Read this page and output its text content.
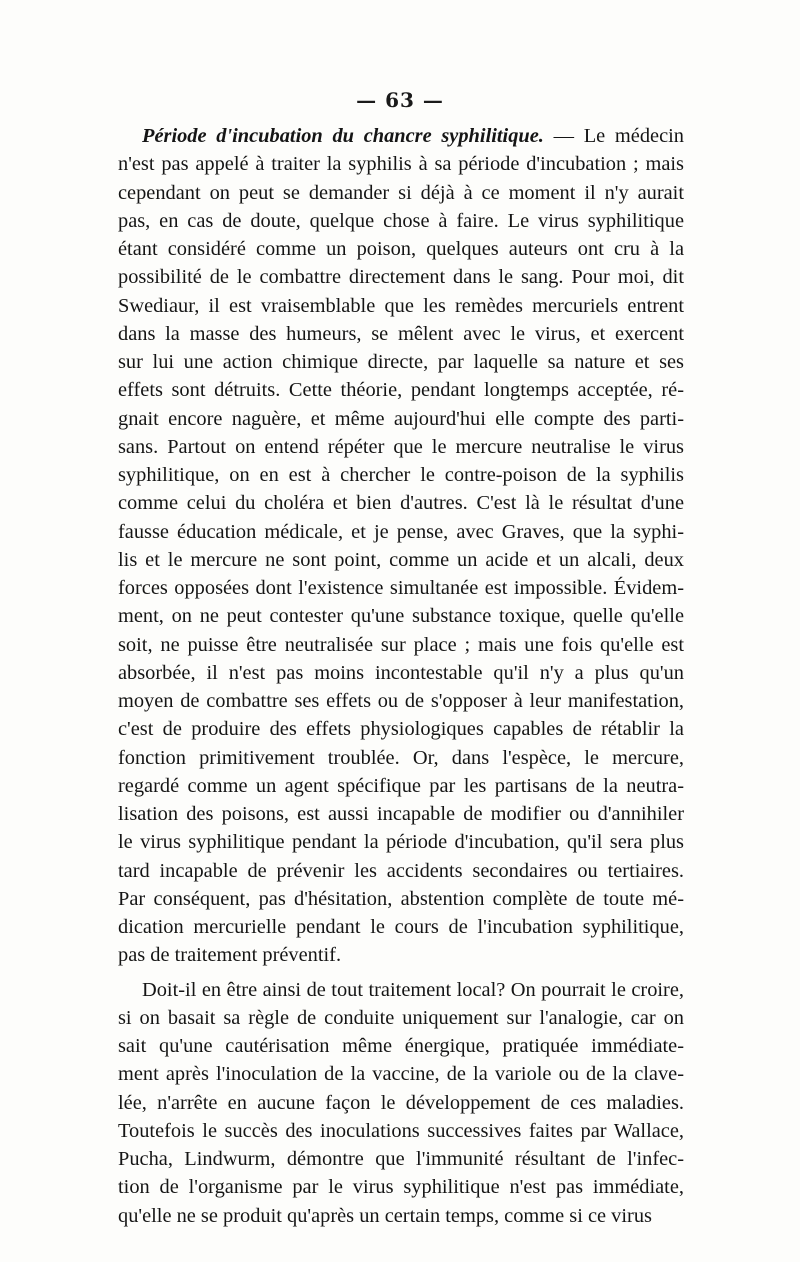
— 63 —
Période d'incubation du chancre syphilitique. — Le médecin
n'est pas appelé à traiter la syphilis à sa période d'incubation ; mais
cependant on peut se demander si déjà à ce moment il n'y aurait
pas, en cas de doute, quelque chose à faire. Le virus syphilitique
étant considéré comme un poison, quelques auteurs ont cru à la
possibilité de le combattre directement dans le sang. Pour moi, dit
Swediaur, il est vraisemblable que les remèdes mercuriels entrent
dans la masse des humeurs, se mêlent avec le virus, et exercent
sur lui une action chimique directe, par laquelle sa nature et ses
effets sont détruits. Cette théorie, pendant longtemps acceptée, ré-
gnait encore naguère, et même aujourd'hui elle compte des parti-
sans. Partout on entend répéter que le mercure neutralise le virus
syphilitique, on en est à chercher le contre-poison de la syphilis
comme celui du choléra et bien d'autres. C'est là le résultat d'une
fausse éducation médicale, et je pense, avec Graves, que la syphi-
lis et le mercure ne sont point, comme un acide et un alcali, deux
forces opposées dont l'existence simultanée est impossible. Évidem-
ment, on ne peut contester qu'une substance toxique, quelle qu'elle
soit, ne puisse être neutralisée sur place ; mais une fois qu'elle est
absorbée, il n'est pas moins incontestable qu'il n'y a plus qu'un
moyen de combattre ses effets ou de s'opposer à leur manifestation,
c'est de produire des effets physiologiques capables de rétablir la
fonction primitivement troublée. Or, dans l'espèce, le mercure,
regardé comme un agent spécifique par les partisans de la neutra-
lisation des poisons, est aussi incapable de modifier ou d'annihiler
le virus syphilitique pendant la période d'incubation, qu'il sera plus
tard incapable de prévenir les accidents secondaires ou tertiaires.
Par conséquent, pas d'hésitation, abstention complète de toute mé-
dication mercurielle pendant le cours de l'incubation syphilitique,
pas de traitement préventif.
Doit-il en être ainsi de tout traitement local? On pourrait le croire,
si on basait sa règle de conduite uniquement sur l'analogie, car on
sait qu'une cautérisation même énergique, pratiquée immédiate-
ment après l'inoculation de la vaccine, de la variole ou de la clave-
lée, n'arrête en aucune façon le développement de ces maladies.
Toutefois le succès des inoculations successives faites par Wallace,
Pucha, Lindwurm, démontre que l'immunité résultant de l'infec-
tion de l'organisme par le virus syphilitique n'est pas immédiate,
qu'elle ne se produit qu'après un certain temps, comme si ce virus
